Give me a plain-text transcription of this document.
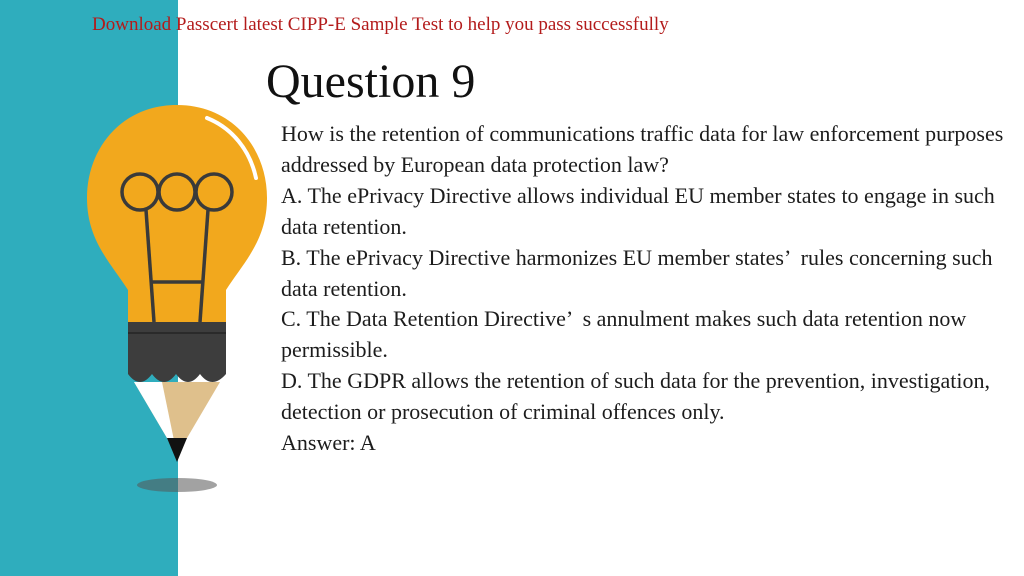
Download Passcert latest CIPP-E Sample Test to help you pass successfully
Question 9

How is the retention of communications traffic data for law enforcement purposes addressed by European data protection law?

A. The ePrivacy Directive allows individual EU member states to engage in such data retention.

B. The ePrivacy Directive harmonizes EU member states’  rules concerning such data retention.

C. The Data Retention Directive’  s annulment makes such data retention now permissible.

D. The GDPR allows the retention of such data for the prevention, investigation, detection or prosecution of criminal offences only.

Answer: A
